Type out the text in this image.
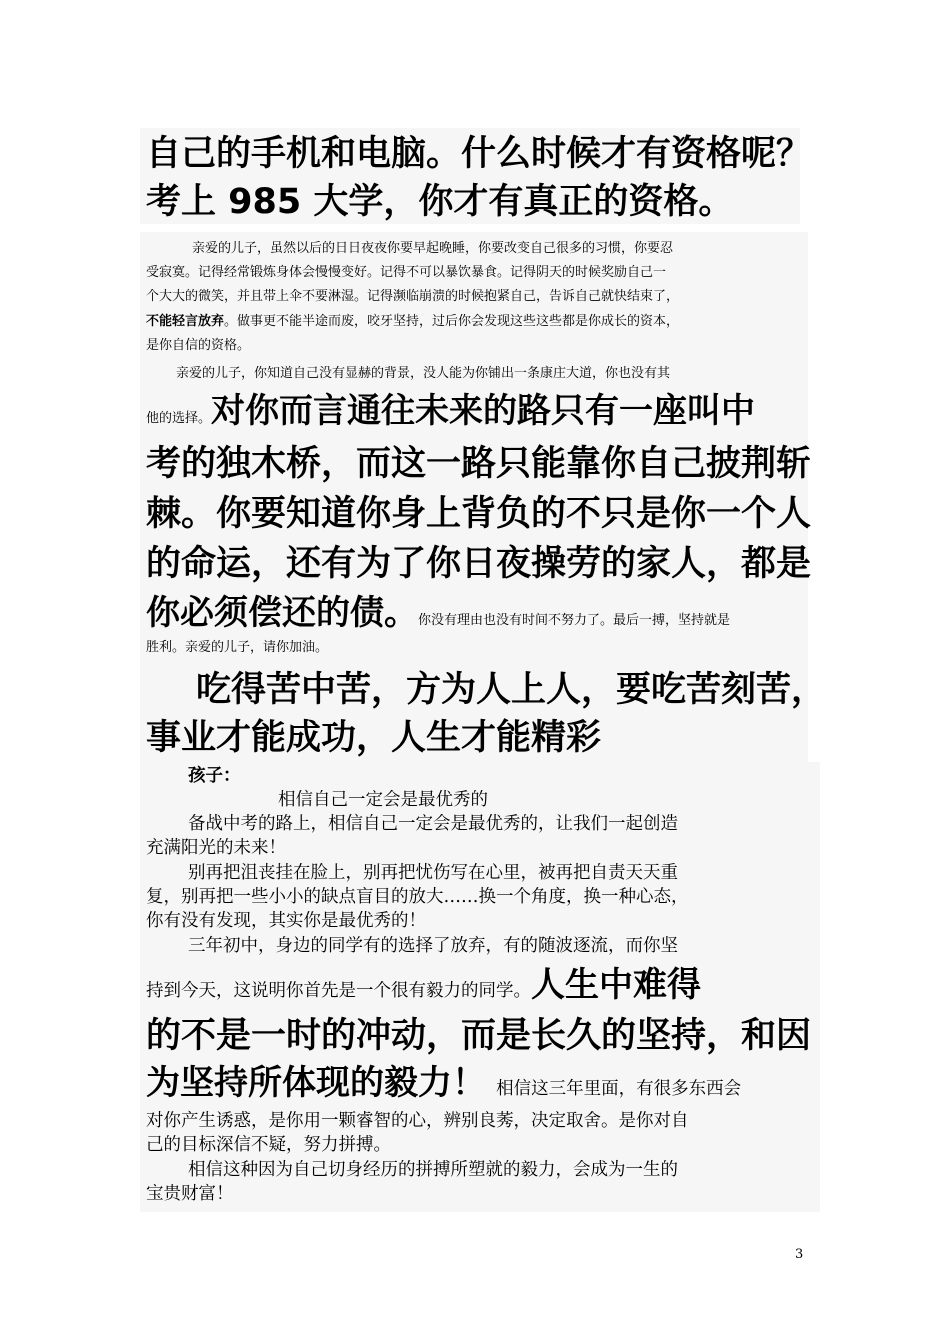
自己的手机和电脑。什么时候才有资格呢？
考上 985 大学，你才有真正的资格。
亲爱的儿子，虽然以后的日日夜夜你要早起晚睡，你要改变自己很多的习惯，你要忍
受寂寞。记得经常锻炼身体会慢慢变好。记得不可以暴饮暴食。记得阴天的时候奖励自己一
个大大的微笑，并且带上伞不要淋湿。记得濒临崩溃的时候抱紧自己，告诉自己就快结束了，
不能轻言放弃。做事更不能半途而废，咬牙坚持，过后你会发现这些这些都是你成长的资本，
是你自信的资格。
亲爱的儿子，你知道自己没有显赫的背景，没人能为你铺出一条康庄大道，你也没有其
他的选择。对你而言通往未来的路只有一座叫中
考的独木桥，而这一路只能靠你自己披荆斩
棘。你要知道你身上背负的不只是你一个人
的命运，还有为了你日夜操劳的家人，都是
你必须偿还的债。你没有理由也没有时间不努力了。最后一搏，坚持就是
胜利。亲爱的儿子，请你加油。
吃得苦中苦，方为人上人，要吃苦刻苦，
事业才能成功，人生才能精彩
孩子：
相信自己一定会是最优秀的
备战中考的路上，相信自己一定会是最优秀的，让我们一起创造
充满阳光的未来！
别再把沮丧挂在脸上，别再把忧伤写在心里，被再把自责天天重
复，别再把一些小小的缺点盲目的放大……换一个角度，换一种心态，
你有没有发现，其实你是最优秀的！
三年初中，身边的同学有的选择了放弃，有的随波逐流，而你坚
持到今天，这说明你首先是一个很有毅力的同学。人生中难得
的不是一时的冲动，而是长久的坚持，和因
为坚持所体现的毅力！ 相信这三年里面，有很多东西会
对你产生诱惑，是你用一颗睿智的心，辨别良莠，决定取舍。是你对自
己的目标深信不疑，努力拼搏。
相信这种因为自己切身经历的拼搏所塑就的毅力，会成为一生的
宝贵财富！
3
